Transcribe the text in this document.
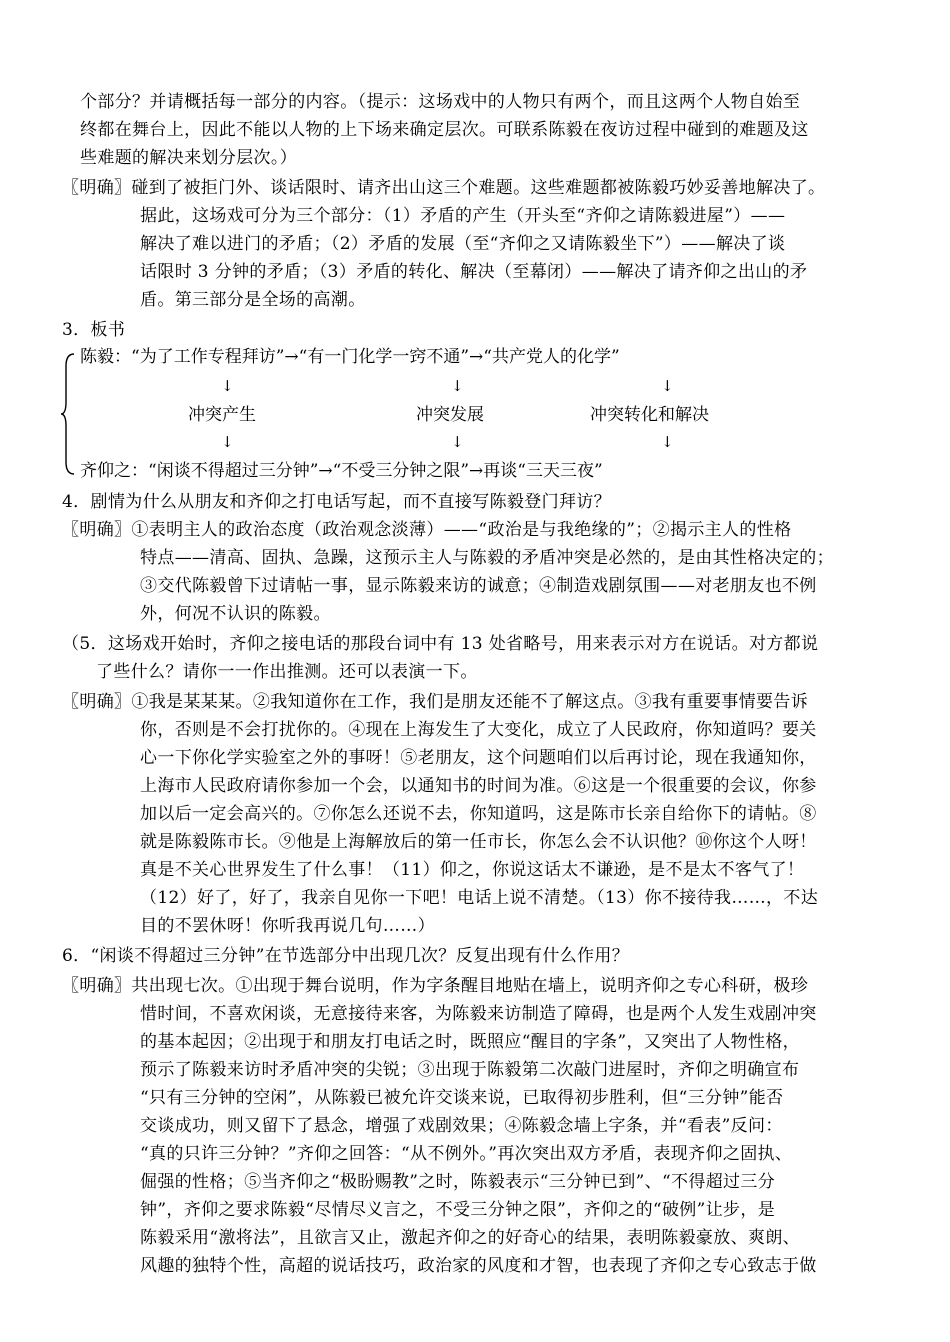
个部分？并请概括每一部分的内容。（提示：这场戏中的人物只有两个，而且这两个人物自始至
终都在舞台上，因此不能以人物的上下场来确定层次。可联系陈毅在夜访过程中碰到的难题及这
些难题的解决来划分层次。）
〖明确〗碰到了被拒门外、谈话限时、请齐出山这三个难题。这些难题都被陈毅巧妙妥善地解决了。
据此，这场戏可分为三个部分：（1）矛盾的产生（开头至“齐仰之请陈毅进屋”）——
解决了难以进门的矛盾；（2）矛盾的发展（至“齐仰之又请陈毅坐下”）——解决了谈
话限时 3 分钟的矛盾；（3）矛盾的转化、解决（至幕闭）——解决了请齐仰之出山的矛
盾。第三部分是全场的高潮。
3．板书
陈毅：“为了工作专程拜访”→“有一门化学一窍不通”→“共产党人的化学”
↓	↓	↓
冲突产生	冲突发展	冲突转化和解决
↓	↓	↓
齐仰之：“闲谈不得超过三分钟”→“不受三分钟之限”→再谈“三天三夜”
4．剧情为什么从朋友和齐仰之打电话写起，而不直接写陈毅登门拜访？
〖明确〗①表明主人的政治态度（政治观念淡薄）——“政治是与我绝缘的”；②揭示主人的性格
特点——清高、固执、急躁，这预示主人与陈毅的矛盾冲突是必然的，是由其性格决定的；
③交代陈毅曾下过请帖一事，显示陈毅来访的诚意；④制造戏剧氛围——对老朋友也不例
外，何况不认识的陈毅。
（5．这场戏开始时，齐仰之接电话的那段台词中有 13 处省略号，用来表示对方在说话。对方都说
了些什么？请你一一作出推测。还可以表演一下。
〖明确〗①我是某某某。②我知道你在工作，我们是朋友还能不了解这点。③我有重要事情要告诉
你，否则是不会打扰你的。④现在上海发生了大变化，成立了人民政府，你知道吗？要关
心一下你化学实验室之外的事呀！⑤老朋友，这个问题咱们以后再讨论，现在我通知你，
上海市人民政府请你参加一个会，以通知书的时间为准。⑥这是一个很重要的会议，你参
加以后一定会高兴的。⑦你怎么还说不去，你知道吗，这是陈市长亲自给你下的请帖。⑧
就是陈毅陈市长。⑨他是上海解放后的第一任市长，你怎么会不认识他？⑩你这个人呀！
真是不关心世界发生了什么事！（11）仰之，你说这话太不谦逊，是不是太不客气了！
（12）好了，好了，我亲自见你一下吧！电话上说不清楚。（13）你不接待我……，不达
目的不罢休呀！你听我再说几句……）
6．“闲谈不得超过三分钟”在节选部分中出现几次？反复出现有什么作用？
〖明确〗共出现七次。①出现于舞台说明，作为字条醒目地贴在墙上，说明齐仰之专心科研，极珍
惜时间，不喜欢闲谈，无意接待来客，为陈毅来访制造了障碍，也是两个人发生戏剧冲突
的基本起因；②出现于和朋友打电话之时，既照应“醒目的字条”，又突出了人物性格，
预示了陈毅来访时矛盾冲突的尖锐；③出现于陈毅第二次敲门进屋时，齐仰之明确宣布
“只有三分钟的空闲”，从陈毅已被允许交谈来说，已取得初步胜利，但“三分钟”能否
交谈成功，则又留下了悬念，增强了戏剧效果；④陈毅念墙上字条，并“看表”反问：
“真的只许三分钟？”齐仰之回答：“从不例外。”再次突出双方矛盾，表现齐仰之固执、
倔强的性格；⑤当齐仰之“极盼赐教”之时，陈毅表示“三分钟已到”、“不得超过三分
钟”，齐仰之要求陈毅“尽情尽义言之，不受三分钟之限”，齐仰之的“破例”让步，是
陈毅采用“激将法”，且欲言又止，激起齐仰之的好奇心的结果，表明陈毅豪放、爽朗、
风趣的独特个性，高超的说话技巧，政治家的风度和才智，也表现了齐仰之专心致志于做
